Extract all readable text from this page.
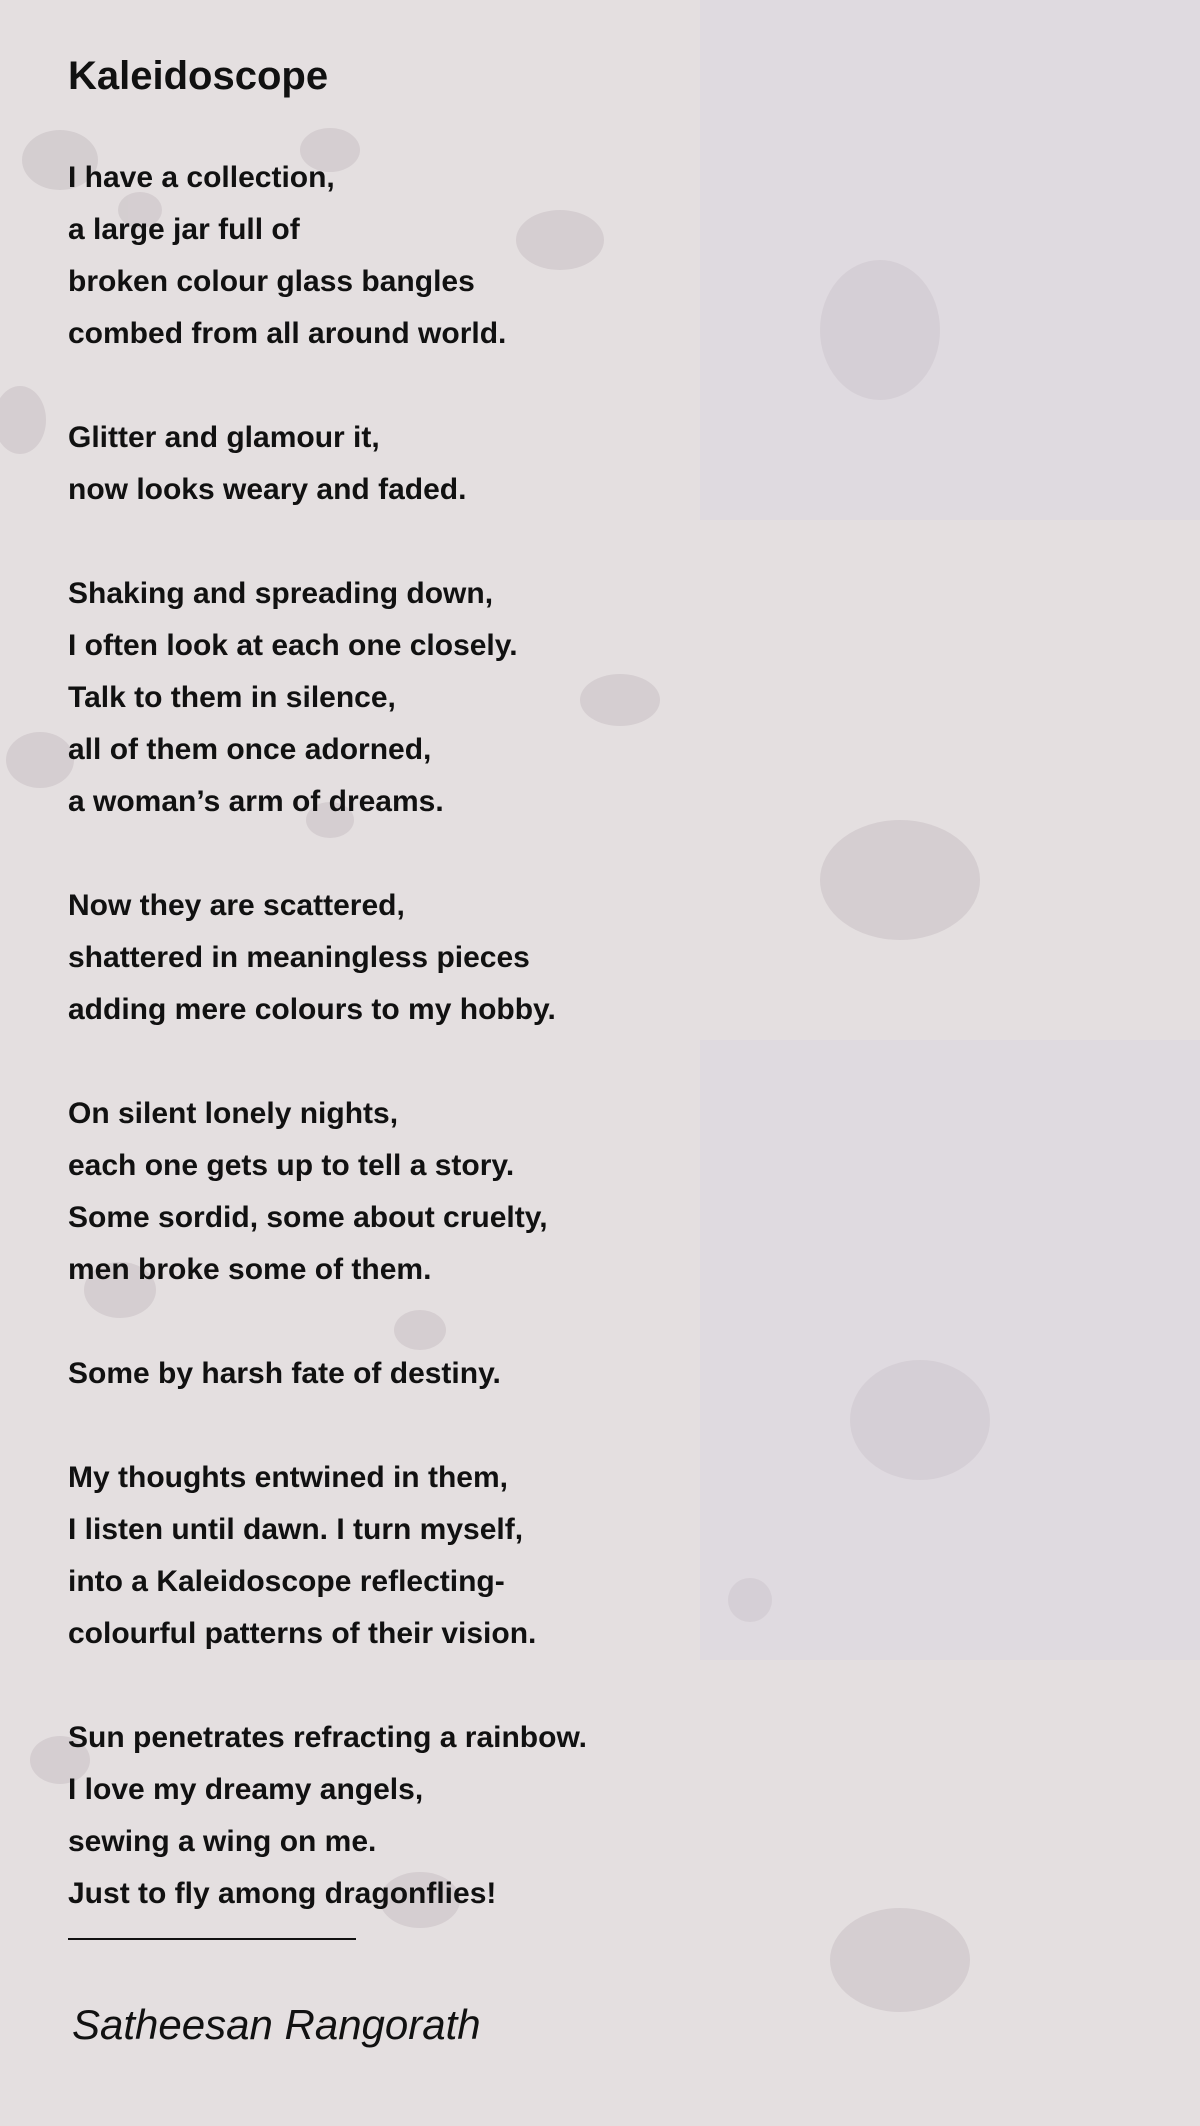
Kaleidoscope
I have a collection,
a large jar full of
broken colour glass bangles
combed from all around world.
Glitter and glamour it,
now looks weary and faded.
Shaking and spreading down,
I often look at each one closely.
Talk to them in silence,
all of them once adorned,
a woman’s arm of dreams.
Now they are scattered,
shattered in meaningless pieces
adding mere colours to my hobby.
On silent lonely nights,
each one gets up to tell a story.
Some sordid, some about cruelty,
men broke some of them.
Some by harsh fate of destiny.
My thoughts entwined in them,
I listen until dawn. I turn myself,
into a Kaleidoscope reflecting-
colourful patterns of their vision.
Sun penetrates refracting a rainbow.
I love my dreamy angels,
sewing a wing on me.
Just to fly among dragonflies!
Satheesan Rangorath
